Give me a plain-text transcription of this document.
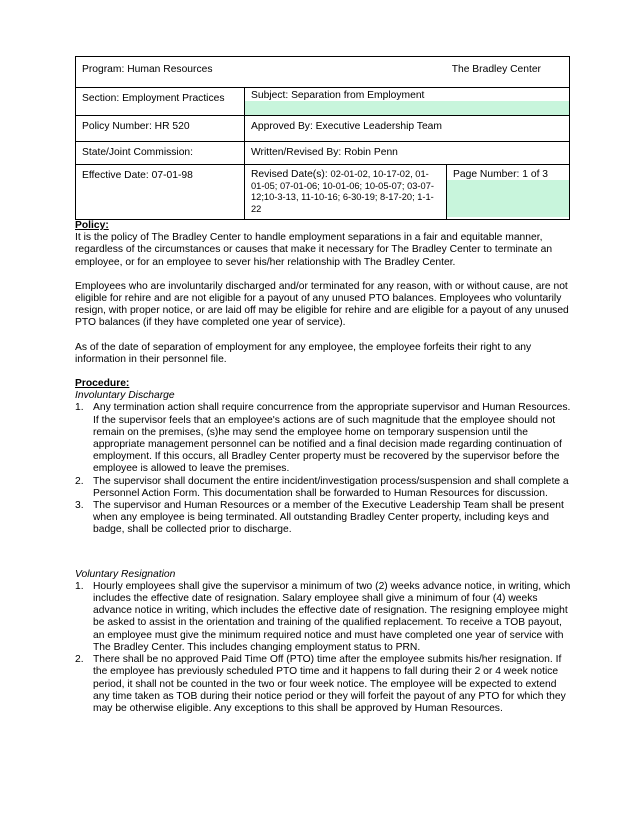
Program: Human Resources The Bradley Center		

Section: Employment Practices	Subject: Separation from Employment	

Policy Number: HR 520	Approved By: Executive Leadership Team	

State/Joint Commission:	Written/Revised By: Robin Penn	

Effective Date: 07-01-98	Revised Date(s): 02-01-02, 10-17-02, 01-01-05; 07-01-06; 10-01-06; 10-05-07; 03-07-12;10-3-13, 11-10-16; 6-30-19; 8-17-20; 1-1-22	Page Number: 1 of 3
Policy:

It is the policy of The Bradley Center to handle employment separations in a fair and equitable manner, regardless of the circumstances or causes that make it necessary for The Bradley Center to terminate an employee, or for an employee to sever his/her relationship with The Bradley Center.

Employees who are involuntarily discharged and/or terminated for any reason, with or without cause, are not eligible for rehire and are not eligible for a payout of any unused PTO balances. Employees who voluntarily resign, with proper notice, or are laid off may be eligible for rehire and are eligible for a payout of any unused PTO balances (if they have completed one year of service).

As of the date of separation of employment for any employee, the employee forfeits their right to any information in their personnel file.

Procedure:
Involuntary Discharge
1. Any termination action shall require concurrence from the appropriate supervisor and Human Resources. If the supervisor feels that an employee's actions are of such magnitude that the employee should not remain on the premises, (s)he may send the employee home on temporary suspension until the appropriate management personnel can be notified and a final decision made regarding continuation of employment. If this occurs, all Bradley Center property must be recovered by the supervisor before the employee is allowed to leave the premises.
2. The supervisor shall document the entire incident/investigation process/suspension and shall complete a Personnel Action Form. This documentation shall be forwarded to Human Resources for discussion.
3. The supervisor and Human Resources or a member of the Executive Leadership Team shall be present when any employee is being terminated. All outstanding Bradley Center property, including keys and badge, shall be collected prior to discharge.
Voluntary Resignation
1. Hourly employees shall give the supervisor a minimum of two (2) weeks advance notice, in writing, which includes the effective date of resignation. Salary employee shall give a minimum of four (4) weeks advance notice in writing, which includes the effective date of resignation. The resigning employee might be asked to assist in the orientation and training of the qualified replacement. To receive a TOB payout, an employee must give the minimum required notice and must have completed one year of service with The Bradley Center. This includes changing employment status to PRN.
2. There shall be no approved Paid Time Off (PTO) time after the employee submits his/her resignation. If the employee has previously scheduled PTO time and it happens to fall during their 2 or 4 week notice period, it shall not be counted in the two or four week notice. The employee will be expected to extend any time taken as TOB during their notice period or they will forfeit the payout of any PTO for which they may be otherwise eligible. Any exceptions to this shall be approved by Human Resources.
